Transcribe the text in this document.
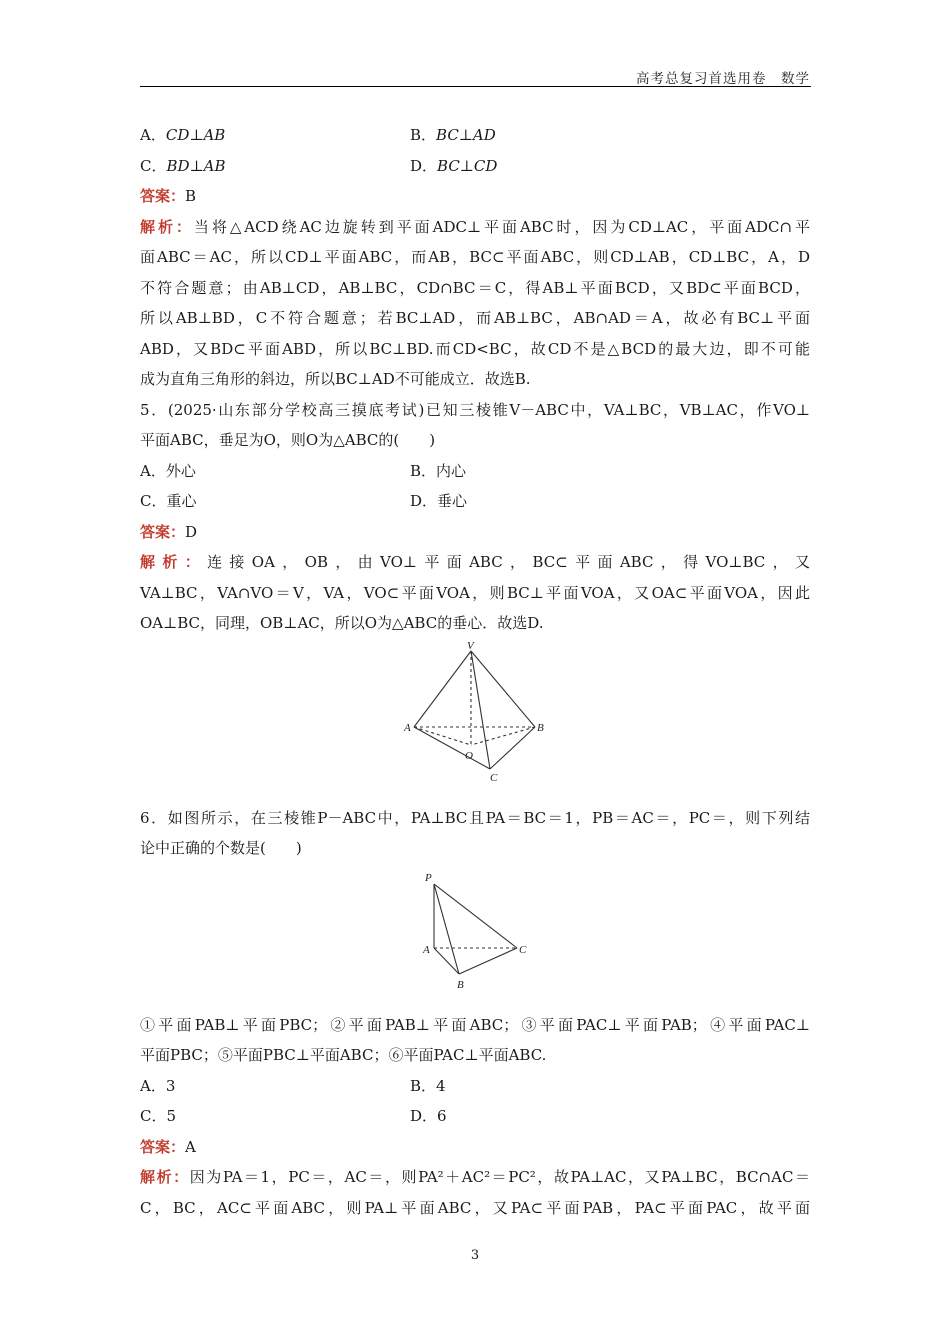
高考总复习首选用卷　数学
A．CD⊥AB	B．BC⊥AD
C．BD⊥AB	D．BC⊥CD
答案：B
解析：当将△ACD绕AC边旋转到平面ADC⊥平面ABC时，因为CD⊥AC，平面ADC∩平
面ABC＝AC，所以CD⊥平面ABC，而AB，BC⊂平面ABC，则CD⊥AB，CD⊥BC，A，D
不符合题意；由AB⊥CD，AB⊥BC，CD∩BC＝C，得AB⊥平面BCD，又BD⊂平面BCD，
所以AB⊥BD，C不符合题意；若BC⊥AD，而AB⊥BC，AB∩AD＝A，故必有BC⊥平面
ABD，又BD⊂平面ABD，所以BC⊥BD.而CD<BC，故CD不是△BCD的最大边，即不可能
成为直角三角形的斜边，所以BC⊥AD不可能成立．故选B.
5．(2025·山东部分学校高三摸底考试)已知三棱锥V－ABC中，VA⊥BC，VB⊥AC，作VO⊥
平面ABC，垂足为O，则O为△ABC的(　　)
A．外心	B．内心
C．重心	D．垂心
答案：D
解析：连接OA，OB，由VO⊥平面ABC，BC⊂平面ABC，得VO⊥BC，又
VA⊥BC，VA∩VO＝V，VA，VO⊂平面VOA，则BC⊥平面VOA，又OA⊂平面VOA，因此
OA⊥BC，同理，OB⊥AC，所以O为△ABC的垂心．故选D.
V
A	B
C
O
6．如图所示，在三棱锥P－ABC中，PA⊥BC且PA＝BC＝1，PB＝AC＝，PC＝，则下列结
论中正确的个数是(　　)
P
A
B
C
①平面PAB⊥平面PBC；②平面PAB⊥平面ABC；③平面PAC⊥平面PAB；④平面PAC⊥
平面PBC；⑤平面PBC⊥平面ABC；⑥平面PAC⊥平面ABC.
A．3	B．4
C．5	D．6
答案：A
解析：因为PA＝1，PC＝，AC＝，则PA²＋AC²＝PC²，故PA⊥AC，又PA⊥BC，BC∩AC＝
C，BC，AC⊂平面ABC，则PA⊥平面ABC，又PA⊂平面PAB，PA⊂平面PAC，故平面
3
